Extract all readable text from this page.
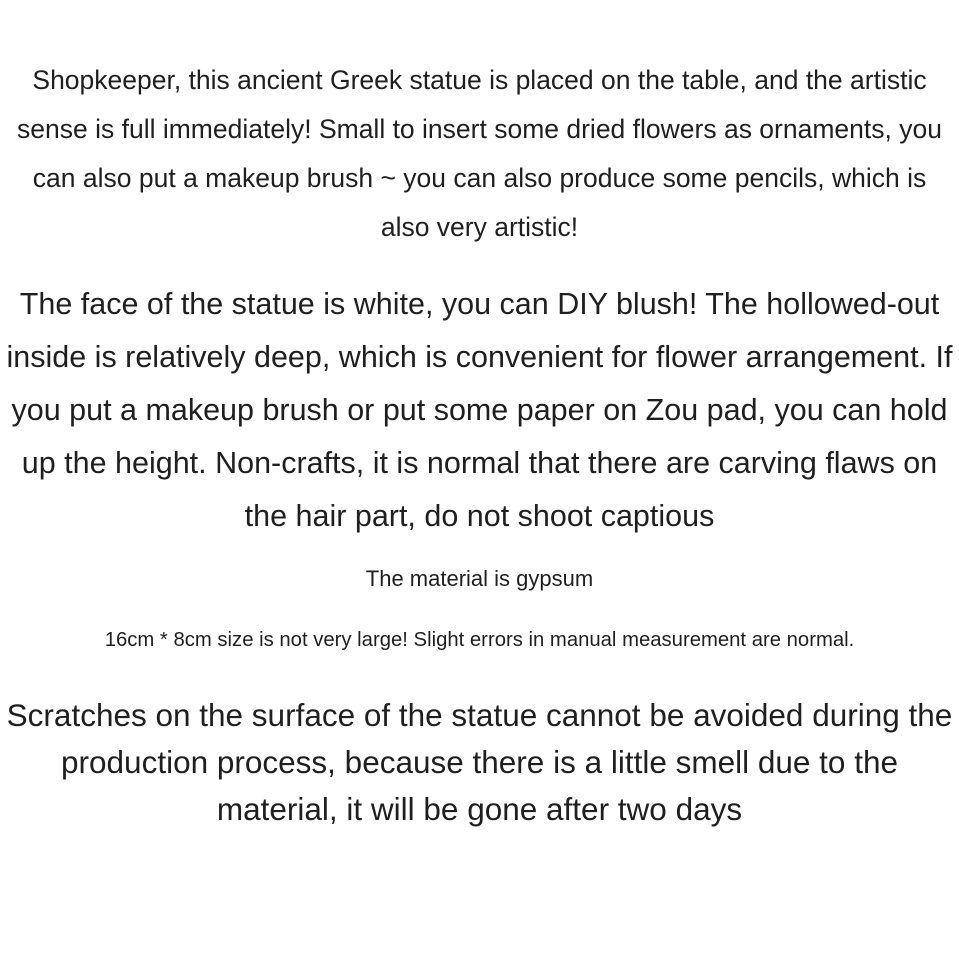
Shopkeeper, this ancient Greek statue is placed on the table, and the artistic sense is full immediately! Small to insert some dried flowers as ornaments, you can also put a makeup brush ~ you can also produce some pencils, which is also very artistic!

The face of the statue is white, you can DIY blush! The hollowed-out inside is relatively deep, which is convenient for flower arrangement. If you put a makeup brush or put some paper on Zou pad, you can hold up the height. Non-crafts, it is normal that there are carving flaws on the hair part, do not shoot captious

The material is gypsum

16cm * 8cm size is not very large! Slight errors in manual measurement are normal.

Scratches on the surface of the statue cannot be avoided during the production process, because there is a little smell due to the material, it will be gone after two days
